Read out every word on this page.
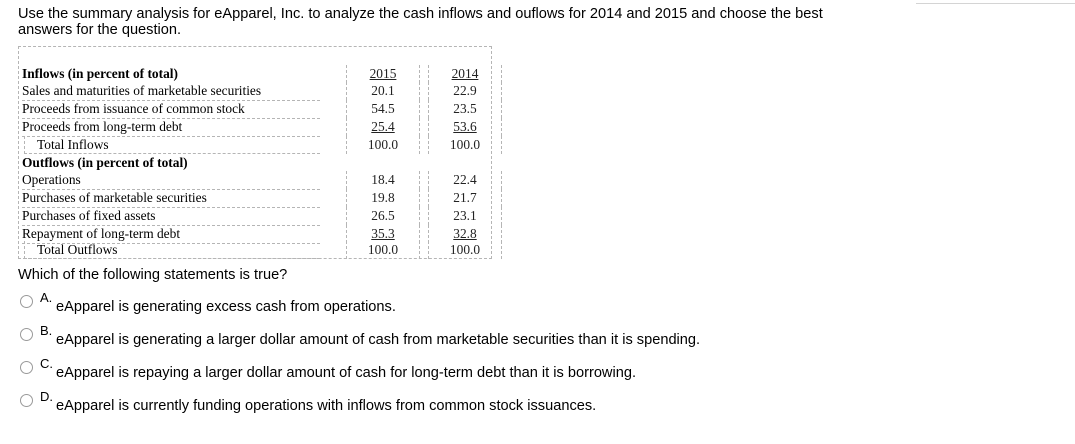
Use the summary analysis for eApparel, Inc. to analyze the cash inflows and ouflows for 2014 and 2015 and choose the best answers for the question.
Inflows (in percent of total)	2015	2014
Sales and maturities of marketable securities	20.1	22.9
Proceeds from issuance of common stock	54.5	23.5
Proceeds from long-term debt	25.4	53.6
Total Inflows	100.0	100.0
Outflows (in percent of total)
Operations	18.4	22.4
Purchases of marketable securities	19.8	21.7
Purchases of fixed assets	26.5	23.1
Repayment of long-term debt	35.3	32.8
Total Outflows	100.0	100.0
Which of the following statements is true?
A.
eApparel is generating excess cash from operations.
B.
eApparel is generating a larger dollar amount of cash from marketable securities than it is spending.
C.
eApparel is repaying a larger dollar amount of cash for long-term debt than it is borrowing.
D.
eApparel is currently funding operations with inflows from common stock issuances.
